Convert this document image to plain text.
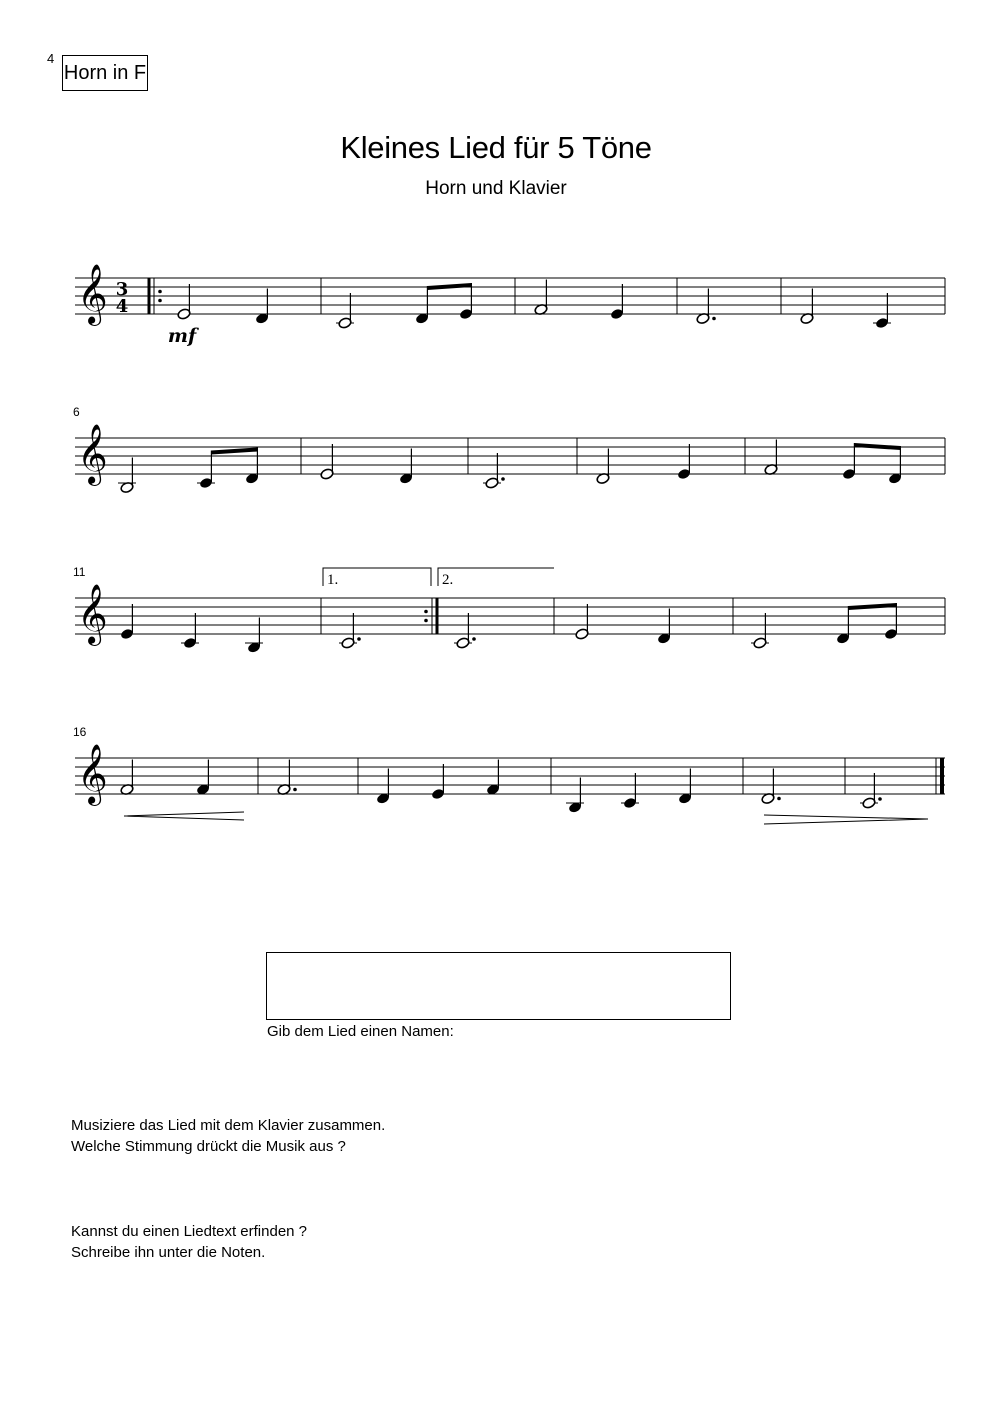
4
Horn in F
Kleines Lied für 5 Töne
Horn und Klavier
3
4
mf
6
11
16
1.	2.
𝄞
𝄞
𝄞
𝄞
Gib dem Lied einen Namen:
Musiziere das Lied mit dem Klavier zusammen.
Welche Stimmung drückt die Musik aus ?
Kannst du einen Liedtext erfinden ?
Schreibe ihn unter die Noten.
